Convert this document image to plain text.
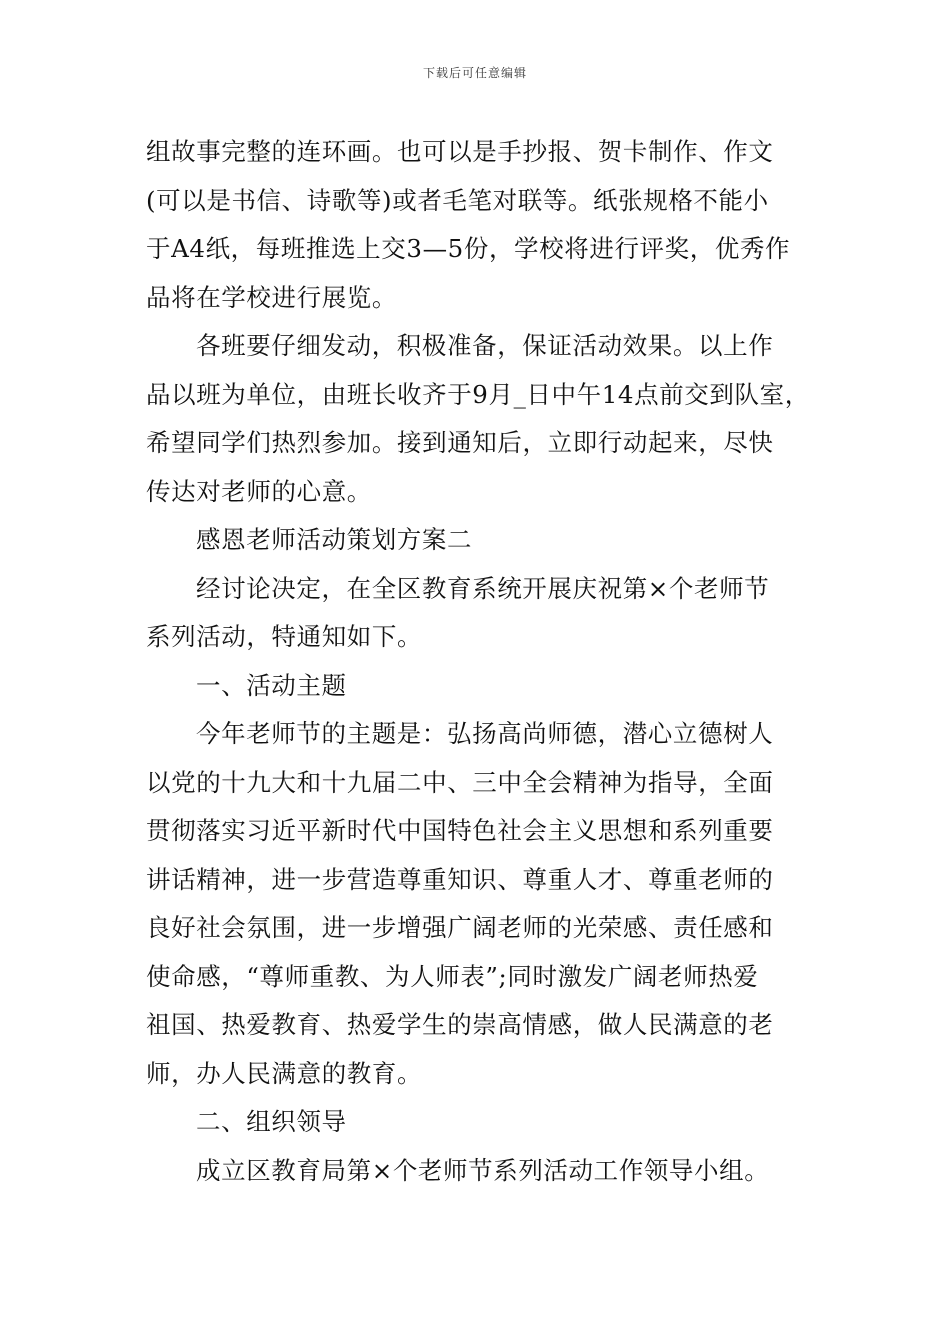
下载后可任意编辑
组故事完整的连环画。也可以是手抄报、贺卡制作、作文
(可以是书信、诗歌等)或者毛笔对联等。纸张规格不能小
于A4纸，每班推选上交3—5份，学校将进行评奖，优秀作
品将在学校进行展览。
各班要仔细发动，积极准备，保证活动效果。以上作
品以班为单位，由班长收齐于9月_日中午14点前交到队室，
希望同学们热烈参加。接到通知后，立即行动起来，尽快
传达对老师的心意。
感恩老师活动策划方案二
经讨论决定，在全区教育系统开展庆祝第×个老师节
系列活动，特通知如下。
一、活动主题
今年老师节的主题是：弘扬高尚师德，潜心立德树人
以党的十九大和十九届二中、三中全会精神为指导，全面
贯彻落实习近平新时代中国特色社会主义思想和系列重要
讲话精神，进一步营造尊重知识、尊重人才、尊重老师的
良好社会氛围，进一步增强广阔老师的光荣感、责任感和
使命感，“尊师重教、为人师表”;同时激发广阔老师热爱
祖国、热爱教育、热爱学生的崇高情感，做人民满意的老
师，办人民满意的教育。
二、组织领导
成立区教育局第×个老师节系列活动工作领导小组。
